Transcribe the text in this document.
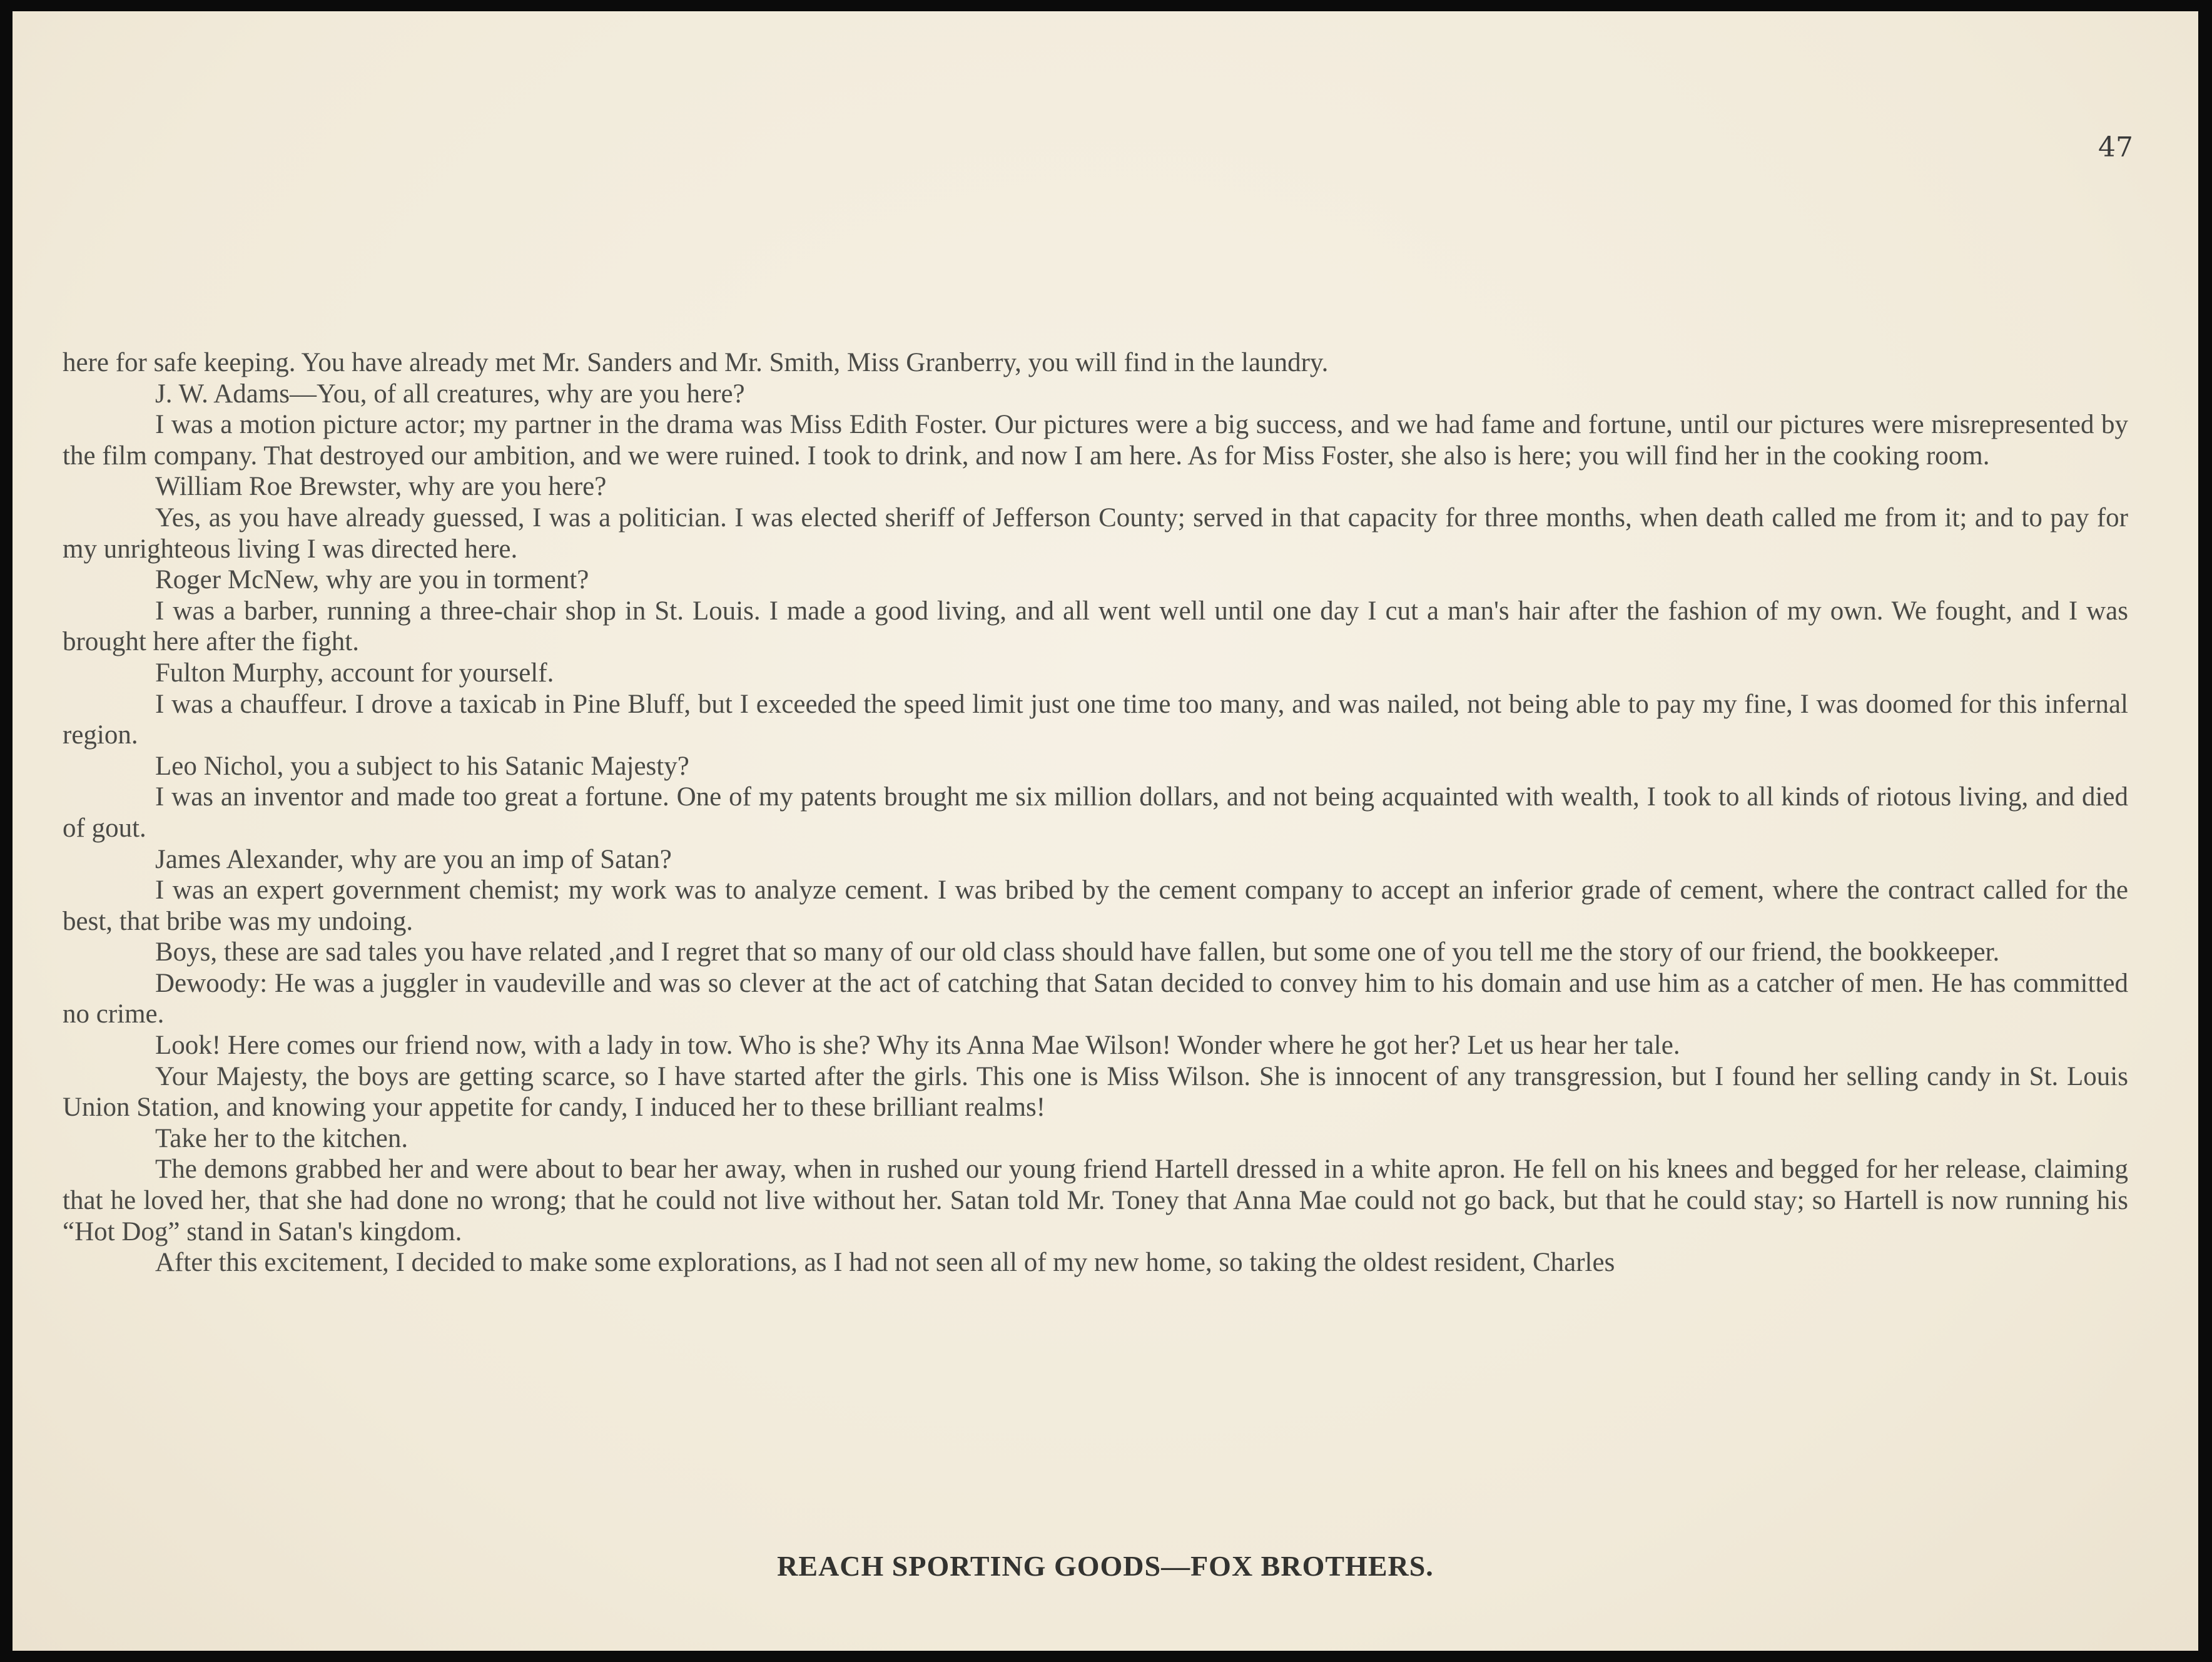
47

here for safe keeping. You have already met Mr. Sanders and Mr. Smith, Miss Granberry, you will find in the laundry.

J. W. Adams—You, of all creatures, why are you here?

I was a motion picture actor; my partner in the drama was Miss Edith Foster. Our pictures were a big success, and we had fame and fortune, until our pictures were misrepresented by the film company. That destroyed our ambition, and we were ruined. I took to drink, and now I am here. As for Miss Foster, she also is here; you will find her in the cooking room.

William Roe Brewster, why are you here?

Yes, as you have already guessed, I was a politician. I was elected sheriff of Jefferson County; served in that capacity for three months, when death called me from it; and to pay for my unrighteous living I was directed here.

Roger McNew, why are you in torment?

I was a barber, running a three-chair shop in St. Louis. I made a good living, and all went well until one day I cut a man's hair after the fashion of my own. We fought, and I was brought here after the fight.

Fulton Murphy, account for yourself.

I was a chauffeur. I drove a taxicab in Pine Bluff, but I exceeded the speed limit just one time too many, and was nailed, not being able to pay my fine, I was doomed for this infernal region.

Leo Nichol, you a subject to his Satanic Majesty?

I was an inventor and made too great a fortune. One of my patents brought me six million dollars, and not being acquainted with wealth, I took to all kinds of riotous living, and died of gout.

James Alexander, why are you an imp of Satan?

I was an expert government chemist; my work was to analyze cement. I was bribed by the cement company to accept an inferior grade of cement, where the contract called for the best, that bribe was my undoing.

Boys, these are sad tales you have related ,and I regret that so many of our old class should have fallen, but some one of you tell me the story of our friend, the bookkeeper.

Dewoody: He was a juggler in vaudeville and was so clever at the act of catching that Satan decided to convey him to his domain and use him as a catcher of men. He has committed no crime.

Look! Here comes our friend now, with a lady in tow. Who is she? Why its Anna Mae Wilson! Wonder where he got her? Let us hear her tale.

Your Majesty, the boys are getting scarce, so I have started after the girls. This one is Miss Wilson. She is innocent of any transgression, but I found her selling candy in St. Louis Union Station, and knowing your appetite for candy, I induced her to these brilliant realms!

Take her to the kitchen.

The demons grabbed her and were about to bear her away, when in rushed our young friend Hartell dressed in a white apron. He fell on his knees and begged for her release, claiming that he loved her, that she had done no wrong; that he could not live without her. Satan told Mr. Toney that Anna Mae could not go back, but that he could stay; so Hartell is now running his “Hot Dog” stand in Satan's kingdom.

After this excitement, I decided to make some explorations, as I had not seen all of my new home, so taking the oldest resident, Charles

REACH SPORTING GOODS—FOX BROTHERS.
